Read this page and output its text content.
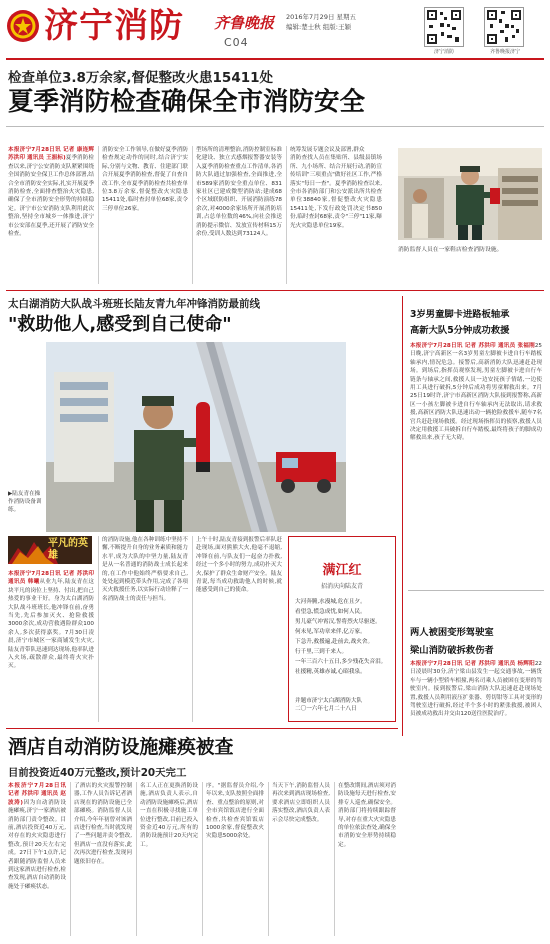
济宁消防 齐鲁晚报
C04
2016年7月29日 星期五
编辑:楚士秋 组版:王颖
济宁消防	齐鲁晚报济宁
检查单位3.8万余家,督促整改火患15411处
夏季消防检查确保全市消防安全
本报济宁7月28日讯 记者 康连辉 苏洪印 通讯员 王振标)夏季消防检查以来,济宁公安消防支队紧紧围绕全国消防安全保卫工作总体部署,结合全市消防安全实际,扎实开展夏季消防检查,全面排查整治火灾隐患,确保了全市消防安全形势的持续稳定。济宁市公安消防支队利用此次整治,坚持全市城乡一体推进,济宁市公安部在夏季,还开展了消防安全检查。
消防安全工作领导,在做好夏季消防检查规定动作的同时,结合济宁实际,分别与文物、教育、住建部门联合开展夏季消防检查,督促了自查自改工作,全市夏季消防检查共检查单位3.8万余家,督促整改火灾隐患15411处,临时查封单位68家,责令三停单位26家。
型场所的清理整治,消防控制室标准化建设、独立式感烟报警器安装等入夏季消防检查重点工作清单,各消防大队通过加强检查,全面推进,全市589家消防安全重点单位、831家社区已建成微型消防站;建成68个区域联防组织、开展消防演练78余次,对4000余家场所开展消防培训,占总单位数的46%,向社会推送消防提示微信、发放宣传材料15万余份,受训人数达到73124人。
统筹发展专题会议及部署,群众
消防查找人员在集贴所、县级县镇场所、九小场所、结合开展行动,消防宣传培训"三项重点"做好社区工作,严格落实"每日一查"。夏季消防检查以来,全市各消防部门和公安派出所共检查单位38840家,督促整改火灾隐患15411处,下发行政处罚决定书850份,临时查封68家,责令"三停"11家,曝光火灾隐患单位19家。
消防监督人员在一家鞋店检查消防设施。
太白湖消防大队战斗班班长陆友青九年冲锋消防最前线
"救助他人,感受到自己使命"
▶陆友青在操作消防设备训练。
平凡的英雄
本报济宁7月28日讯 记者 苏洪印 通讯员 韩曦从业九年,陆友青在这块平凡的岗位上坚持、付出,把自己热爱的事业干好。身为太白湖消防大队战斗班班长,他冲锋在前,奋勇当先,先后参加灭火、抢险救援3000余次,成功营救遇险群众100余人,多次获得嘉奖。7月30日凌晨,济宁市城区一家商铺发生火灾,陆友青带队迅速到达现场,他率队进入火场,疏散群众,最终将火灾扑灭。
的消防设施,他在各种训练中坚持不懈,不断提升自身的业务素质和能力水平,成为大队的中坚力量,陆友青是从一名普通的消防战士成长起来的,在工作中他始终严格要求自己,处处起到模范带头作用,完成了各项灭火救援任务,以实际行动诠释了一名消防战士的责任与担当。
上午十时,陆友青接到报警后率队赶赴现场,面对熊熊大火,他毫不退缩,冲锋在前,与队友们一起奋力扑救,经过一个多小时的努力,成功扑灭大火,保护了群众生命财产安全。陆友青说,每当成功救助他人的时候,就能感受到自己的使命。
满江红
招消庆向陆友青
大河奔腾,水漫城,危在且夕。
看望急,慌急成忧,如何人民。
男儿豪气冲霄汉,誓将烈火尽驱逐。
何未见,军功章来伴,亿万家。
下急升,救援遍,赴前去,战火舍。
行千里,三到千来人。
一年三百六十五日,多少残花失音泪。
社援精,英雄赤诚,心昭我泉。
并题市济宁太白湖消防大队
二〇一六年七月二十八日
3岁男童脚卡进路板轴承
高新大队5分钟成功救援
本报济宁7月28日讯 记者 苏洪印 通讯员 张福刚25日晚,济宁高新区一名3岁男童左脚被卡进自行车踏板轴承内,情况危急。接警后,高新消防大队迅速赶赴现场。到场后,指挥员观察发现,男童左脚被卡进自行车链条与轴承之间,救援人员一边安抚孩子情绪,一边使用工具进行破拆,5分钟后成功将男童解救出来。7月25日19时许,济宁市高新区消防大队接到报警称,高新区一小孩左脚被卡进自行车轴承内无法取出,请求救援,高新区消防大队迅速出动一辆抢险救援车,随车7名官兵赶赴现场救援。经过现场指挥员的侦察,救援人员决定用救援工具破拆自行车踏板,最终将孩子的脚成功解救出来,孩子无大碍。
两人被困变形驾驶室
梁山消防破拆救伤者
本报济宁7月28日讯 记者 苏洪印 通讯员 杨辉阳22日凌晨时30分,济宁梁山县发生一起交通事故,一辆货车与一辆小型轿车相撞,两名司乘人员被困在变形的驾驶室内。接到报警后,梁山消防大队迅速赶赴现场处置,救援人员利用液压扩张器、剪切钳等工具对变形的驾驶室进行破拆,经过半个多小时的紧张救援,被困人员被成功救出并交由120送往医院治疗。
酒店自动消防设施瘫痪被查
目前投资近40万元整改,预计20天完工
本报济宁7月28日讯 记者 苏洪印 通讯员 赵波涛)因为自动消防设施瘫痪,济宁一家酒店被消防部门责令整改。目前,酒店投资近40万元,对存在的火灾隐患进行整改,预计20天左右完成。27日下午1点许,记者跟随消防监督人员来到这家酒店进行检查,检查发现,酒店自动消防设施处于瘫痪状态。
了酒店的火灾报警控制器,工作人员告诉记者酒店现在的消防设施已全部瘫痪。消防监督人员介绍,今年年初曾对该酒店进行检查,当时就发现了一些问题并责令整改,但酒店一直没有落实,此次再次进行检查,发现问题依旧存在。
名工人正在更换消防设施,酒店负责人表示,自动消防设施瘫痪后,酒店一直在积极寻找施工单位进行整改,目前已投入资金近40万元,所有的消防设施预计20天内完工。
序。"据监督员介绍,今年以来,支队按照全面排查、重点整治的原则,对全市宾馆饭店进行全面检查,共检查宾馆饭店1000余家,督促整改火灾隐患5000余处。
当天下午,消防监督人员再次来到酒店现场检查,要求酒店立即组织人员落实整改,酒店负责人表示会尽快完成整改。
在整改期间,酒店须对消防设施每天进行检查,安排专人巡查,确保安全。消防部门将持续跟踪督导,对存在重大火灾隐患的单位依法查处,确保全市消防安全形势持续稳定。
